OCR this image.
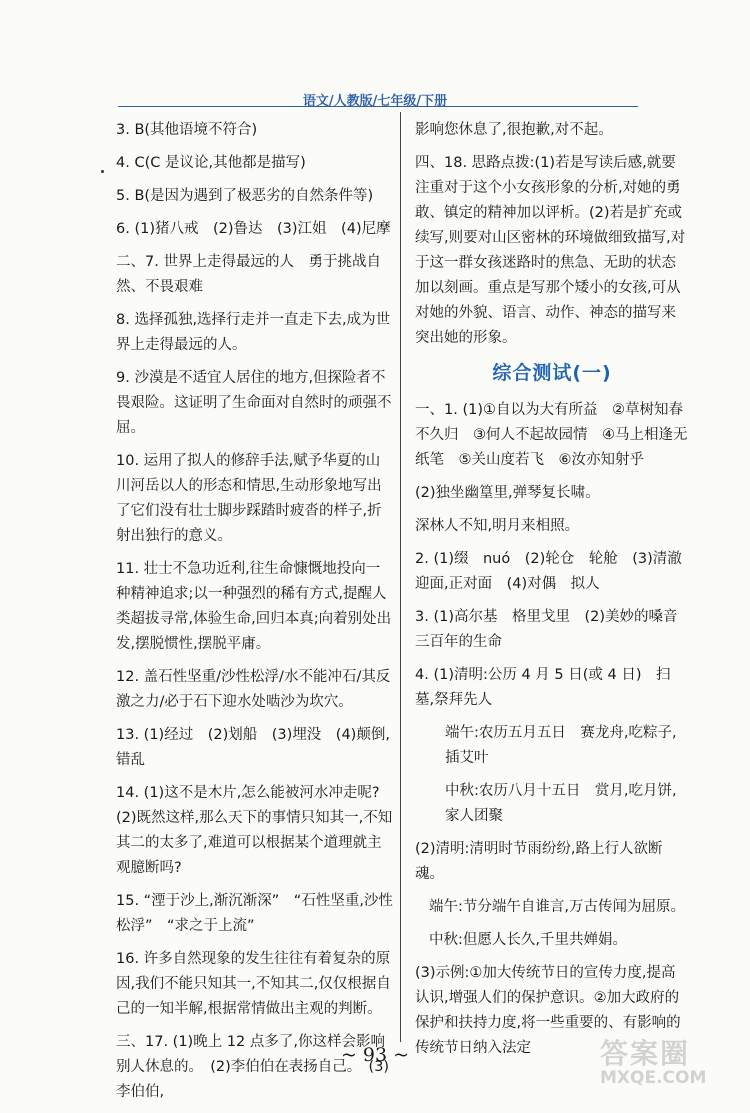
语文/人教版/七年级/下册

3. B(其他语境不符合)

4. C(C 是议论,其他都是描写)

5. B(是因为遇到了极恶劣的自然条件等)

6. (1)猪八戒　(2)鲁达　(3)江姐　(4)尼摩

二、7. 世界上走得最远的人　勇于挑战自然、不畏艰难

8. 选择孤独,选择行走并一直走下去,成为世界上走得最远的人。

9. 沙漠是不适宜人居住的地方,但探险者不畏艰险。这证明了生命面对自然时的顽强不屈。

10. 运用了拟人的修辞手法,赋予华夏的山川河岳以人的形态和情思,生动形象地写出了它们没有壮士脚步踩踏时疲沓的样子,折射出独行的意义。

11. 壮士不急功近利,往生命慷慨地投向一种精神追求;以一种强烈的稀有方式,提醒人类超拔寻常,体验生命,回归本真;向着别处出发,摆脱惯性,摆脱平庸。

12. 盖石性坚重/沙性松浮/水不能冲石/其反激之力/必于石下迎水处啮沙为坎穴。

13. (1)经过　(2)划船　(3)埋没　(4)颠倒,错乱

14. (1)这不是木片,怎么能被河水冲走呢?　(2)既然这样,那么天下的事情只知其一,不知其二的太多了,难道可以根据某个道理就主观臆断吗?

15. “湮于沙上,渐沉渐深”　“石性坚重,沙性松浮”　“求之于上流”

16. 许多自然现象的发生往往有着复杂的原因,我们不能只知其一,不知其二,仅仅根据自己的一知半解,根据常情做出主观的判断。

三、17. (1)晚上 12 点多了,你这样会影响别人休息的。　(2)李伯伯在表扬自己。　(3)李伯伯,

影响您休息了,很抱歉,对不起。

四、18. 思路点拨:(1)若是写读后感,就要注重对于这个小女孩形象的分析,对她的勇敢、镇定的精神加以评析。(2)若是扩充或续写,则要对山区密林的环境做细致描写,对于这一群女孩迷路时的焦急、无助的状态加以刻画。重点是写那个矮小的女孩,可从对她的外貌、语言、动作、神态的描写来突出她的形象。

综合测试(一)

一、1. (1)①自以为大有所益　②草树知春不久归　③何人不起故园情　④马上相逢无纸笔　⑤关山度若飞　⑥汝亦知射乎

(2)独坐幽篁里,弹琴复长啸。

深林人不知,明月来相照。

2. (1)缀　nuó　(2)轮仓　轮舱　(3)清澈　迎面,正对面　(4)对偶　拟人

3. (1)高尔基　格里戈里　(2)美妙的嗓音　三百年的生命

4. (1)清明:公历 4 月 5 日(或 4 日)　扫墓,祭拜先人

端午:农历五月五日　赛龙舟,吃粽子,插艾叶

中秋:农历八月十五日　赏月,吃月饼,家人团聚

(2)清明:清明时节雨纷纷,路上行人欲断魂。

端午:节分端午自谁言,万古传闻为屈原。

中秋:但愿人长久,千里共婵娟。

(3)示例:①加大传统节日的宣传力度,提高认识,增强人们的保护意识。②加大政府的保护和扶持力度,将一些重要的、有影响的传统节日纳入法定

~ 93 ~	答案圈
MXQE.COM
